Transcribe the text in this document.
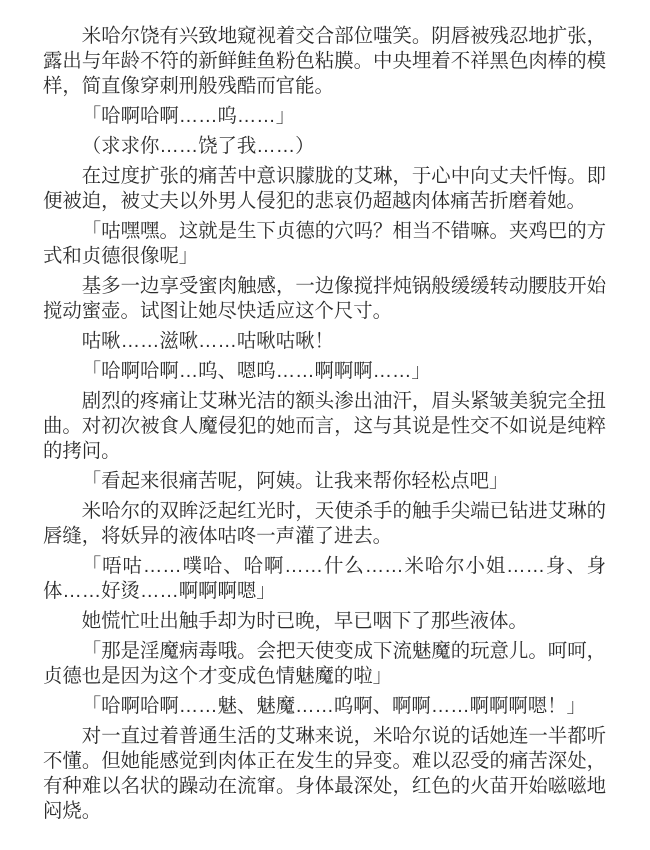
米哈尔饶有兴致地窥视着交合部位嗤笑。阴唇被残忍地扩张，露出与年龄不符的新鲜鲑鱼粉色粘膜。中央埋着不祥黑色肉棒的模样，简直像穿刺刑般残酷而官能。

「哈啊哈啊……呜……」

（求求你……饶了我……）

在过度扩张的痛苦中意识朦胧的艾琳，于心中向丈夫忏悔。即便被迫，被丈夫以外男人侵犯的悲哀仍超越肉体痛苦折磨着她。

「咕嘿嘿。这就是生下贞德的穴吗？相当不错嘛。夹鸡巴的方式和贞德很像呢」

基多一边享受蜜肉触感，一边像搅拌炖锅般缓缓转动腰肢开始搅动蜜壶。试图让她尽快适应这个尺寸。

咕啾……滋啾……咕啾咕啾！

「哈啊哈啊…呜、嗯呜……啊啊啊……」

剧烈的疼痛让艾琳光洁的额头渗出油汗，眉头紧皱美貌完全扭曲。对初次被食人魔侵犯的她而言，这与其说是性交不如说是纯粹的拷问。

「看起来很痛苦呢，阿姨。让我来帮你轻松点吧」

米哈尔的双眸泛起红光时，天使杀手的触手尖端已钻进艾琳的唇缝，将妖异的液体咕咚一声灌了进去。

「唔咕……噗哈、哈啊……什么……米哈尔小姐……身、身体……好烫……啊啊啊嗯」

她慌忙吐出触手却为时已晚，早已咽下了那些液体。

「那是淫魔病毒哦。会把天使变成下流魅魔的玩意儿。呵呵，贞德也是因为这个才变成色情魅魔的啦」

「哈啊哈啊……魅、魅魔……呜啊、啊啊……啊啊啊嗯！」

对一直过着普通生活的艾琳来说，米哈尔说的话她连一半都听不懂。但她能感觉到肉体正在发生的异变。难以忍受的痛苦深处，有种难以名状的躁动在流窜。身体最深处，红色的火苗开始嗞嗞地闷烧。
